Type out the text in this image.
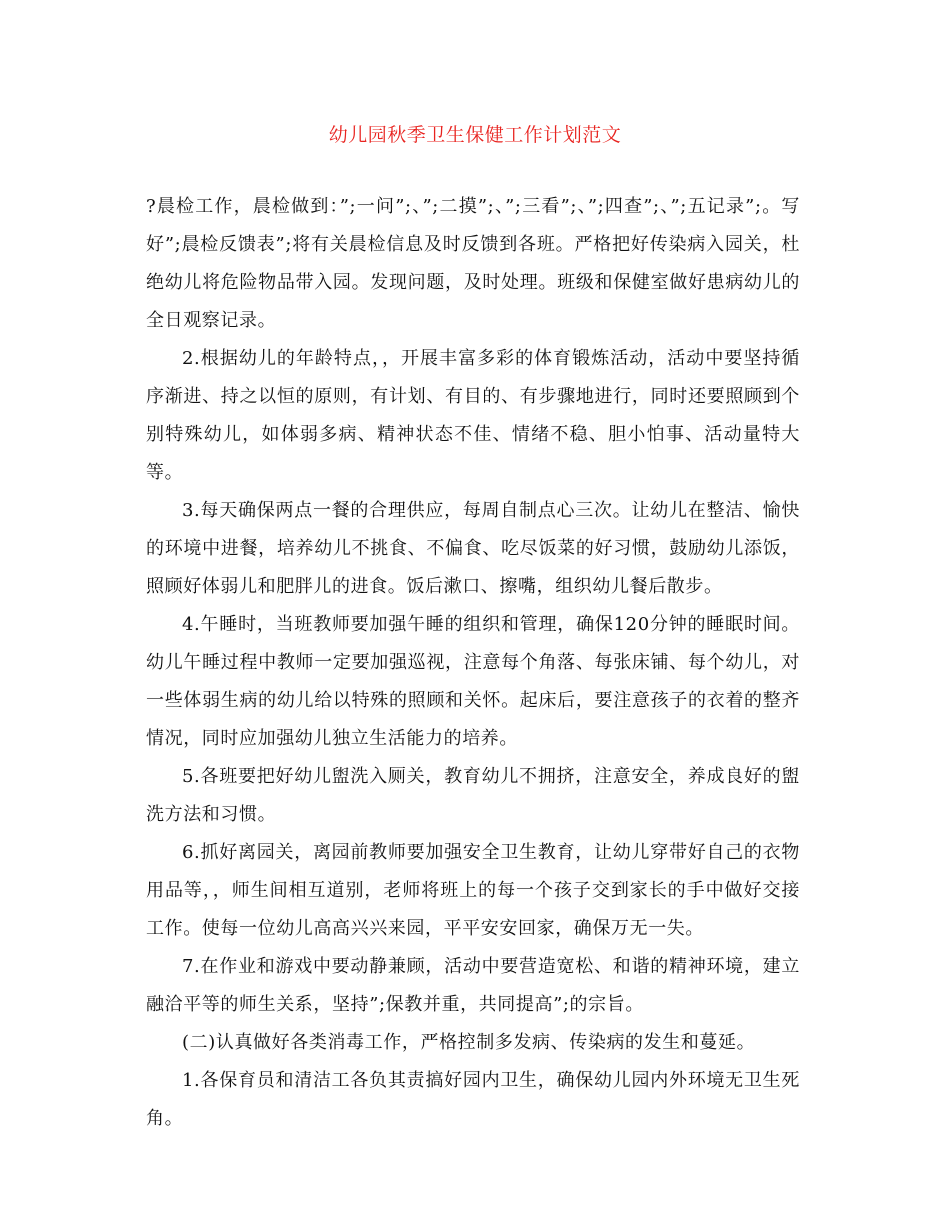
幼儿园秋季卫生保健工作计划范文

?晨检工作，晨检做到：”;一问”;、”;二摸”;、”;三看”;、”;四查”;、”;五记录”;。写好”;晨检反馈表”;将有关晨检信息及时反馈到各班。严格把好传染病入园关，杜绝幼儿将危险物品带入园。发现问题，及时处理。班级和保健室做好患病幼儿的全日观察记录。

2.根据幼儿的年龄特点，，开展丰富多彩的体育锻炼活动，活动中要坚持循序渐进、持之以恒的原则，有计划、有目的、有步骤地进行，同时还要照顾到个别特殊幼儿，如体弱多病、精神状态不佳、情绪不稳、胆小怕事、活动量特大等。

3.每天确保两点一餐的合理供应，每周自制点心三次。让幼儿在整洁、愉快的环境中进餐，培养幼儿不挑食、不偏食、吃尽饭菜的好习惯，鼓励幼儿添饭，照顾好体弱儿和肥胖儿的进食。饭后漱口、擦嘴，组织幼儿餐后散步。

4.午睡时，当班教师要加强午睡的组织和管理，确保120分钟的睡眠时间。幼儿午睡过程中教师一定要加强巡视，注意每个角落、每张床铺、每个幼儿，对一些体弱生病的幼儿给以特殊的照顾和关怀。起床后，要注意孩子的衣着的整齐情况，同时应加强幼儿独立生活能力的培养。

5.各班要把好幼儿盥洗入厕关，教育幼儿不拥挤，注意安全，养成良好的盥洗方法和习惯。

6.抓好离园关，离园前教师要加强安全卫生教育，让幼儿穿带好自己的衣物用品等，，师生间相互道别，老师将班上的每一个孩子交到家长的手中做好交接工作。使每一位幼儿高高兴兴来园，平平安安回家，确保万无一失。

7.在作业和游戏中要动静兼顾，活动中要营造宽松、和谐的精神环境，建立融洽平等的师生关系，坚持”;保教并重，共同提高”;的宗旨。

(二)认真做好各类消毒工作，严格控制多发病、传染病的发生和蔓延。

1.各保育员和清洁工各负其责搞好园内卫生，确保幼儿园内外环境无卫生死角。
